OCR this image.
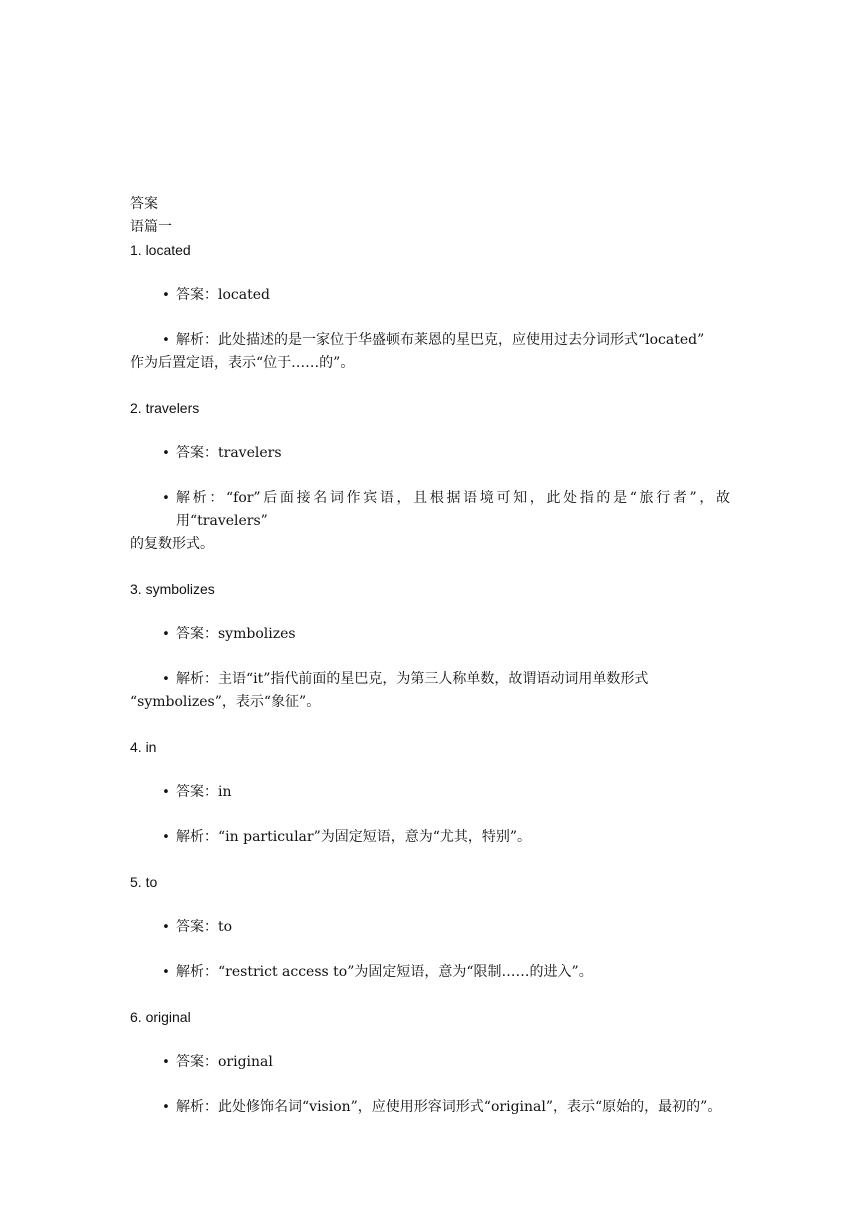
答案
语篇一
1. located
• 答案：located
• 解析：此处描述的是一家位于华盛顿布莱恩的星巴克，应使用过去分词形式“located”
作为后置定语，表示“位于……的”。
2. travelers
• 答案：travelers
• 解析：“for”后面接名词作宾语，且根据语境可知，此处指的是“旅行者”，故用“travelers”
的复数形式。
3. symbolizes
• 答案：symbolizes
• 解析：主语“it”指代前面的星巴克，为第三人称单数，故谓语动词用单数形式
“symbolizes”，表示“象征”。
4. in
• 答案：in
• 解析：“in particular”为固定短语，意为“尤其，特别”。
5. to
• 答案：to
• 解析：“restrict access to”为固定短语，意为“限制……的进入”。
6. original
• 答案：original
• 解析：此处修饰名词“vision”，应使用形容词形式“original”，表示“原始的，最初的”。
